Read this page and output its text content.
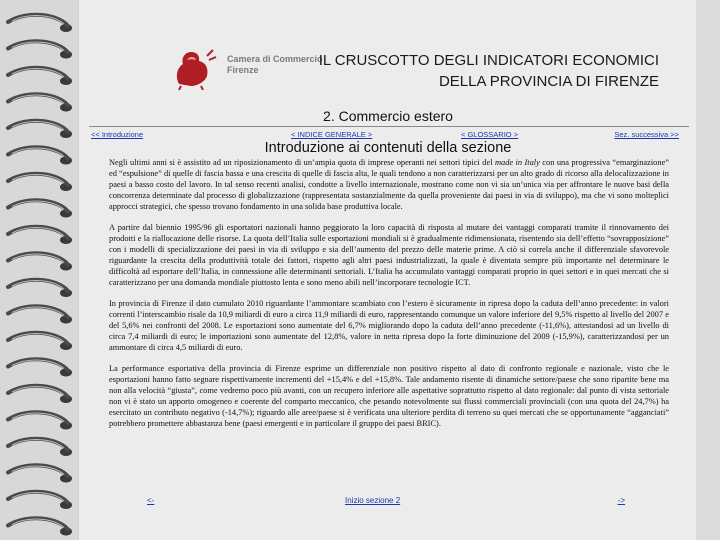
Camera di Commercio
Firenze
IL CRUSCOTTO DEGLI INDICATORI ECONOMICI
DELLA PROVINCIA DI FIRENZE
2. Commercio estero
<< Introduzione	< INDICE GENERALE >	< GLOSSARIO >	Sez. successiva >>
Introduzione ai contenuti della sezione

Negli ultimi anni si è assistito ad un riposizionamento di un’ampia quota di imprese operanti nei settori tipici del made in Italy con una progressiva “emarginazione” ed “espulsione” di quelle di fascia bassa e una crescita di quelle di fascia alta, le quali tendono a non caratterizzarsi per un alto grado di ricorso alla delocalizzazione in paesi a basso costo del lavoro. In tal senso recenti analisi, condotte a livello internazionale, mostrano come non vi sia un’unica via per affrontare le nuove basi della concorrenza determinate dal processo di globalizzazione (rappresentata sostanzialmente da quella proveniente dai paesi in via di sviluppo), ma che vi sono molteplici approcci strategici, che spesso trovano fondamento in una solida base produttiva locale.

A partire dal biennio 1995/96 gli esportatori nazionali hanno peggiorato la loro capacità di risposta al mutare dei vantaggi comparati tramite il rinnovamento dei prodotti e la riallocazione delle risorse. La quota dell’Italia sulle esportazioni mondiali si è gradualmente ridimensionata, risentendo sia dell’effetto “sovrapposizione” con i modelli di specializzazione dei paesi in via di sviluppo e sia dell’aumento del prezzo delle materie prime. A ciò si correla anche il differenziale sfavorevole riguardante la crescita della produttività totale dei fattori, rispetto agli altri paesi industrializzati, la quale è diventata sempre più importante nel determinare le difficoltà ad esportare dell’Italia, in connessione alle determinanti settoriali. L’Italia ha accumulato vantaggi comparati proprio in quei settori e in quei mercati che si caratterizzano per una domanda mondiale piuttosto lenta e sono meno abili nell’incorporare tecnologie ICT.

In provincia di Firenze il dato cumulato 2010 riguardante l’ammontare scambiato con l’estero è sicuramente in ripresa dopo la caduta dell’anno precedente: in valori correnti l’interscambio risale da 10,9 miliardi di euro a circa 11,9 miliardi di euro, rappresentando comunque un valore inferiore del 9,5% rispetto al livello del 2007 e del 5,6% nei confronti del 2008. Le esportazioni sono aumentate del 6,7% migliorando dopo la caduta dell’anno precedente (-11,6%), attestandosi ad un livello di circa 7,4 miliardi di euro; le importazioni sono aumentate del 12,8%, valore in netta ripresa dopo la forte diminuzione del 2009 (-15,9%), caratterizzandosi per un ammontare di circa 4,5 miliardi di euro.

La performance esportativa della provincia di Firenze esprime un differenziale non positivo rispetto al dato di confronto regionale e nazionale, visto che le esportazioni hanno fatto segnare rispettivamente incrementi del +15,4% e del +15,8%. Tale andamento risente di dinamiche settore/paese che sono ripartite bene ma non alla velocità “giusta”, come vedremo poco più avanti, con un recupero inferiore alle aspettative soprattutto rispetto al dato regionale: dal punto di vista settoriale non vi è stato un apporto omogeneo e coerente del comparto meccanico, che pesando notevolmente sui flussi commerciali provinciali (con una quota del 24,7%) ha esercitato un contributo negativo (-14,7%); riguardo alle aree/paese si è verificata una ulteriore perdita di terreno su quei mercati che se opportunamente “agganciati” potrebbero promettere abbastanza bene (paesi emergenti e in particolare il gruppo dei paesi BRIC).

<-	Inizio sezione 2	->
